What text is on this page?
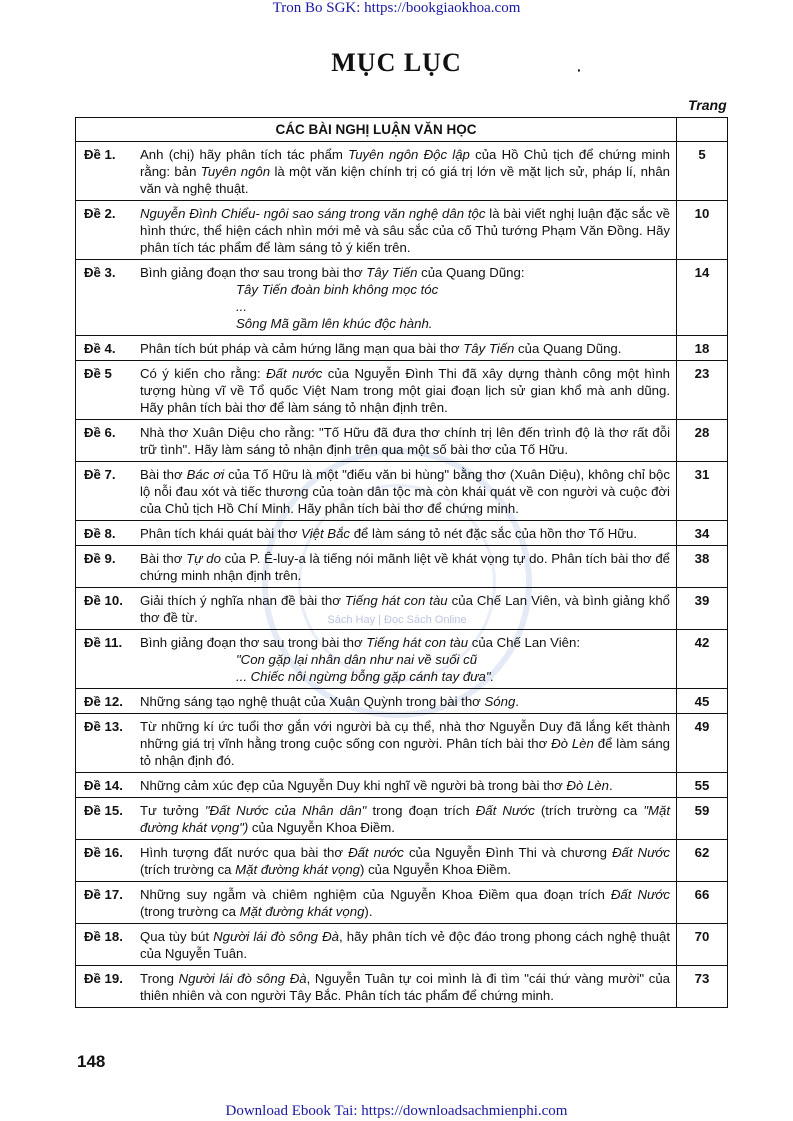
Tron Bo SGK: https://bookgiaokhoa.com
MỤC LỤC	·
Trang
Sách Hay | Đọc Sách Online
CÁC BÀI NGHỊ LUẬN VĂN HỌC		
Đề 1.	Anh (chị) hãy phân tích tác phẩm Tuyên ngôn Độc lập của Hồ Chủ tịch để chứng minh rằng: bản Tuyên ngôn là một văn kiện chính trị có giá trị lớn về mặt lịch sử, pháp lí, nhân văn và nghệ thuật.	5
Đề 2.	Nguyễn Đình Chiểu- ngôi sao sáng trong văn nghệ dân tộc là bài viết nghị luận đặc sắc về hình thức, thể hiện cách nhìn mới mẻ và sâu sắc của cố Thủ tướng Phạm Văn Đồng. Hãy phân tích tác phẩm để làm sáng tỏ ý kiến trên.	10
Đề 3.	Bình giảng đoạn thơ sau trong bài thơ Tây Tiến của Quang Dũng:
Tây Tiến đoàn binh không mọc tóc
...
Sông Mã gầm lên khúc độc hành.	14
Đề 4.	Phân tích bút pháp và cảm hứng lãng mạn qua bài thơ Tây Tiến của Quang Dũng.	18
Đề 5	Có ý kiến cho rằng: Đất nước của Nguyễn Đình Thi đã xây dựng thành công một hình tượng hùng vĩ về Tổ quốc Việt Nam trong một giai đoạn lịch sử gian khổ mà anh dũng. Hãy phân tích bài thơ để làm sáng tỏ nhận định trên.	23
Đề 6.	Nhà thơ Xuân Diệu cho rằng: "Tố Hữu đã đưa thơ chính trị lên đến trình độ là thơ rất đỗi trữ tình". Hãy làm sáng tỏ nhận định trên qua một số bài thơ của Tố Hữu.	28
Đề 7.	Bài thơ Bác ơi của Tố Hữu là một "điếu văn bi hùng" bằng thơ (Xuân Diệu), không chỉ bộc lộ nỗi đau xót và tiếc thương của toàn dân tộc mà còn khái quát về con người và cuộc đời của Chủ tịch Hồ Chí Minh. Hãy phân tích bài thơ để chứng minh.	31
Đề 8.	Phân tích khái quát bài thơ Việt Bắc để làm sáng tỏ nét đặc sắc của hồn thơ Tố Hữu.	34
Đề 9.	Bài thơ Tự do của P. Ê-luy-a là tiếng nói mãnh liệt về khát vọng tự do. Phân tích bài thơ để chứng minh nhận định trên.	38
Đề 10.	Giải thích ý nghĩa nhan đề bài thơ Tiếng hát con tàu của Chế Lan Viên, và bình giảng khổ thơ đề từ.	39
Đề 11.	Bình giảng đoạn thơ sau trong bài thơ Tiếng hát con tàu của Chế Lan Viên:
"Con gặp lại nhân dân như nai về suối cũ
... Chiếc nôi ngừng bỗng gặp cánh tay đưa".	42
Đề 12.	Những sáng tạo nghệ thuật của Xuân Quỳnh trong bài thơ Sóng.	45
Đề 13.	Từ những kí ức tuổi thơ gắn với người bà cụ thể, nhà thơ Nguyễn Duy đã lắng kết thành những giá trị vĩnh hằng trong cuộc sống con người. Phân tích bài thơ Đò Lèn để làm sáng tỏ nhận định đó.	49
Đề 14.	Những cảm xúc đẹp của Nguyễn Duy khi nghĩ về người bà trong bài thơ Đò Lèn.	55
Đề 15.	Tư tưởng "Đất Nước của Nhân dân" trong đoạn trích Đất Nước (trích trường ca "Mặt đường khát vọng") của Nguyễn Khoa Điềm.	59
Đề 16.	Hình tượng đất nước qua bài thơ Đất nước của Nguyễn Đình Thi và chương Đất Nước (trích trường ca Mặt đường khát vọng) của Nguyễn Khoa Điềm.	62
Đề 17.	Những suy ngẫm và chiêm nghiệm của Nguyễn Khoa Điềm qua đoạn trích Đất Nước (trong trường ca Mặt đường khát vọng).	66
Đề 18.	Qua tùy bút Người lái đò sông Đà, hãy phân tích vẻ độc đáo trong phong cách nghệ thuật của Nguyễn Tuân.	70
Đề 19.	Trong Người lái đò sông Đà, Nguyễn Tuân tự coi mình là đi tìm "cái thứ vàng mười" của thiên nhiên và con người Tây Bắc. Phân tích tác phẩm để chứng minh.	73
148
Download Ebook Tai: https://downloadsachmienphi.com
